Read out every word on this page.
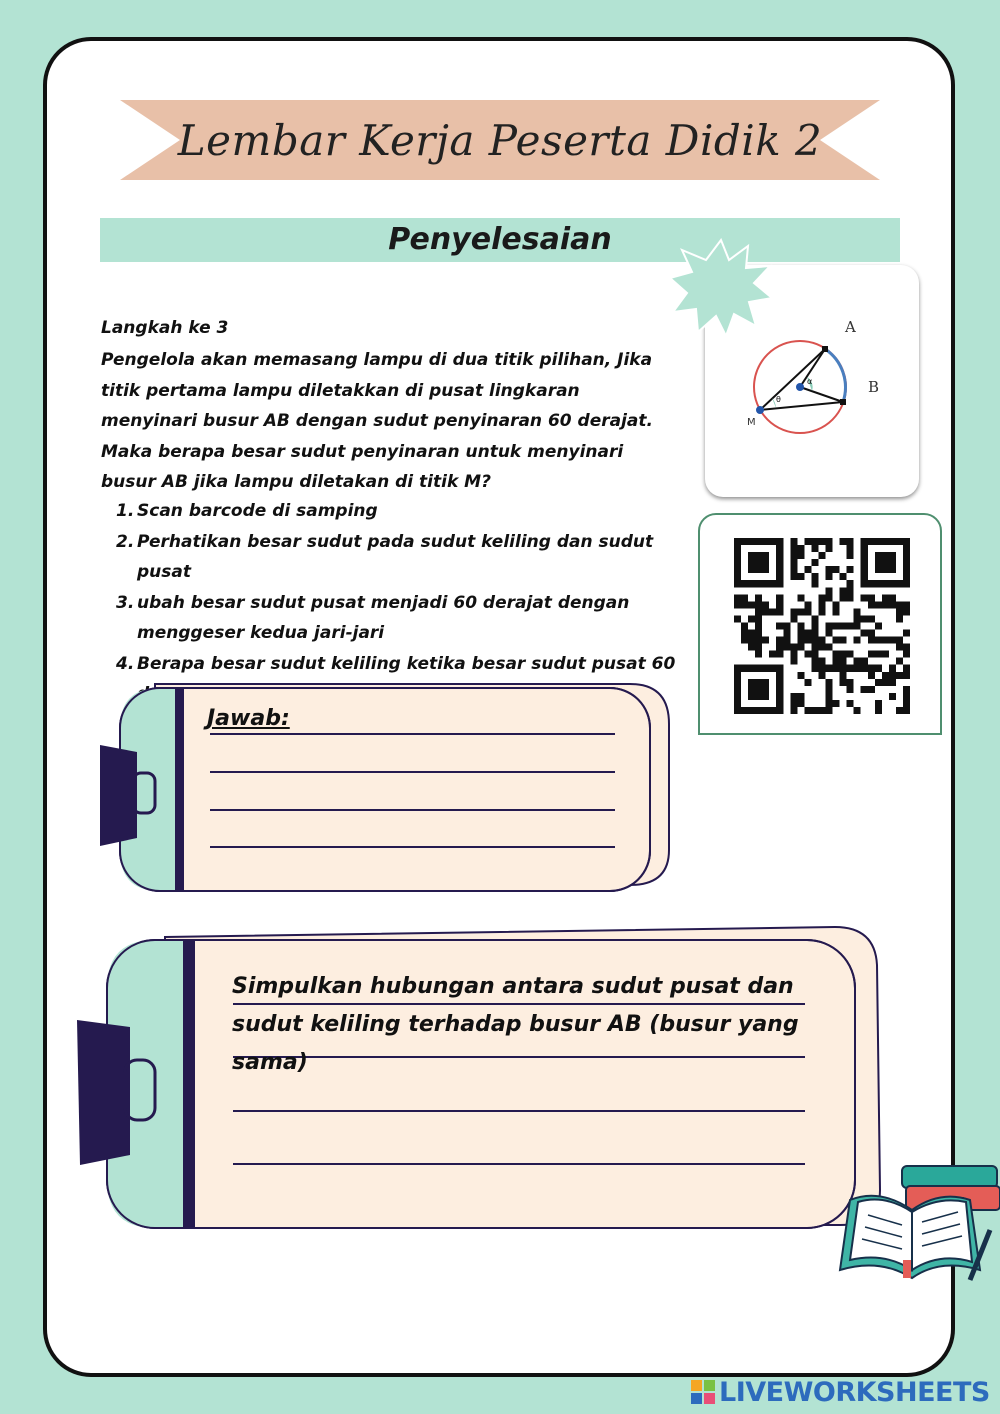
Lembar Kerja Peserta Didik 2
Penyelesaian
A
B
M
α
θ
Langkah ke 3
Pengelola akan memasang lampu di dua titik pilihan, Jika titik pertama lampu diletakkan di pusat lingkaran menyinari busur AB dengan sudut penyinaran 60 derajat. Maka berapa besar sudut penyinaran untuk menyinari busur AB jika lampu diletakan di titik M?
1. Scan barcode di samping
2. Perhatikan besar sudut pada sudut keliling dan sudut pusat
3. ubah besar sudut pusat menjadi 60 derajat dengan menggeser kedua jari-jari
4. Berapa besar sudut keliling ketika besar sudut pusat 60
Jawab:
Simpulkan hubungan antara sudut pusat dan sudut keliling terhadap busur AB (busur yang sama)
LIVEWORKSHEETS
